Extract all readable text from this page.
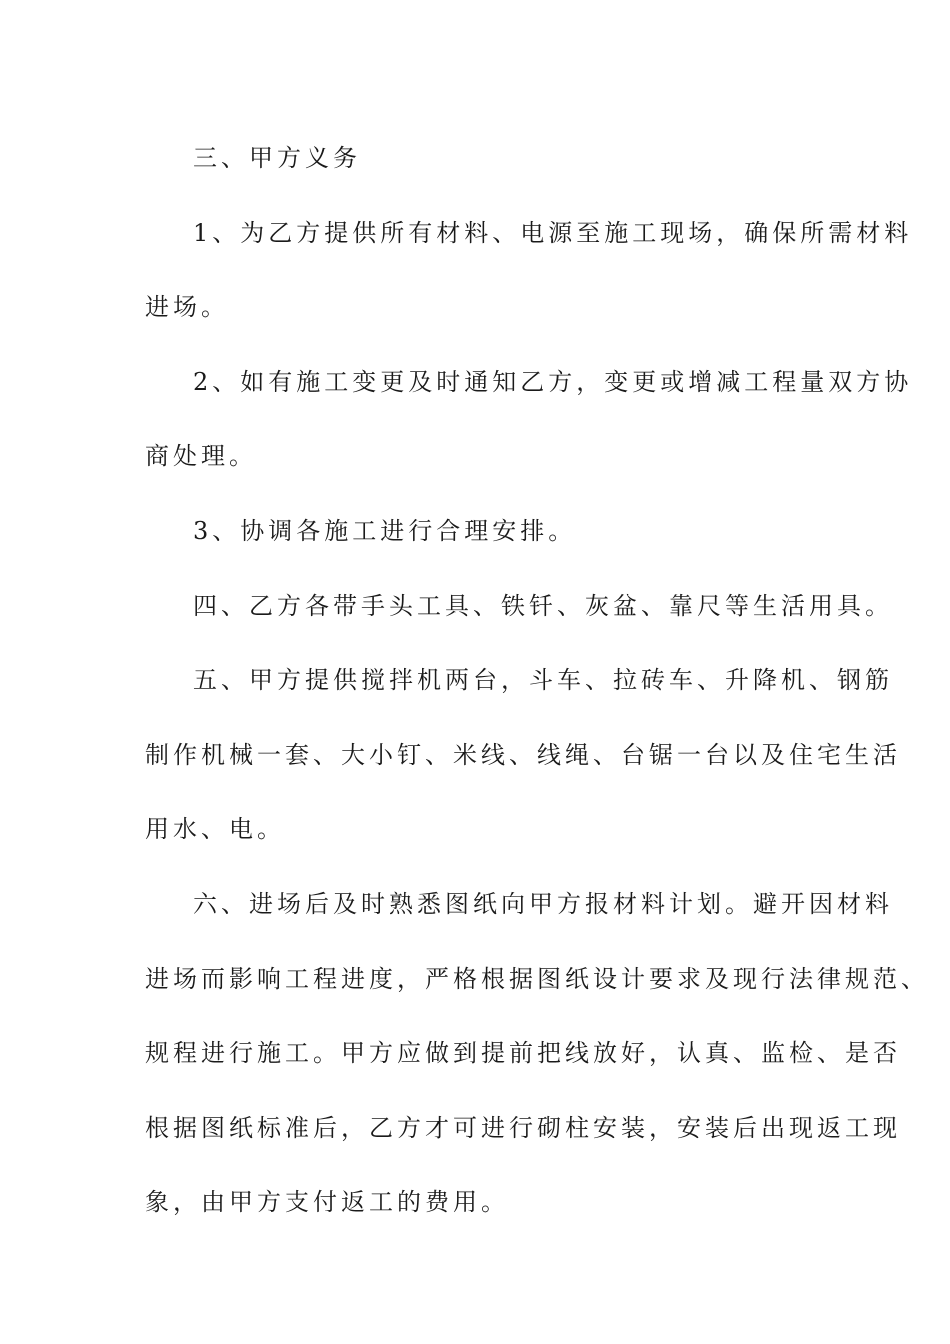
三、甲方义务
1、为乙方提供所有材料、电源至施工现场，确保所需材料
进场。
2、如有施工变更及时通知乙方，变更或增减工程量双方协
商处理。
3、协调各施工进行合理安排。
四、乙方各带手头工具、铁钎、灰盆、靠尺等生活用具。
五、甲方提供搅拌机两台，斗车、拉砖车、升降机、钢筋
制作机械一套、大小钉、米线、线绳、台锯一台以及住宅生活
用水、电。
六、进场后及时熟悉图纸向甲方报材料计划。避开因材料
进场而影响工程进度，严格根据图纸设计要求及现行法律规范、
规程进行施工。甲方应做到提前把线放好，认真、监检、是否
根据图纸标准后，乙方才可进行砌柱安装，安装后出现返工现
象，由甲方支付返工的费用。
